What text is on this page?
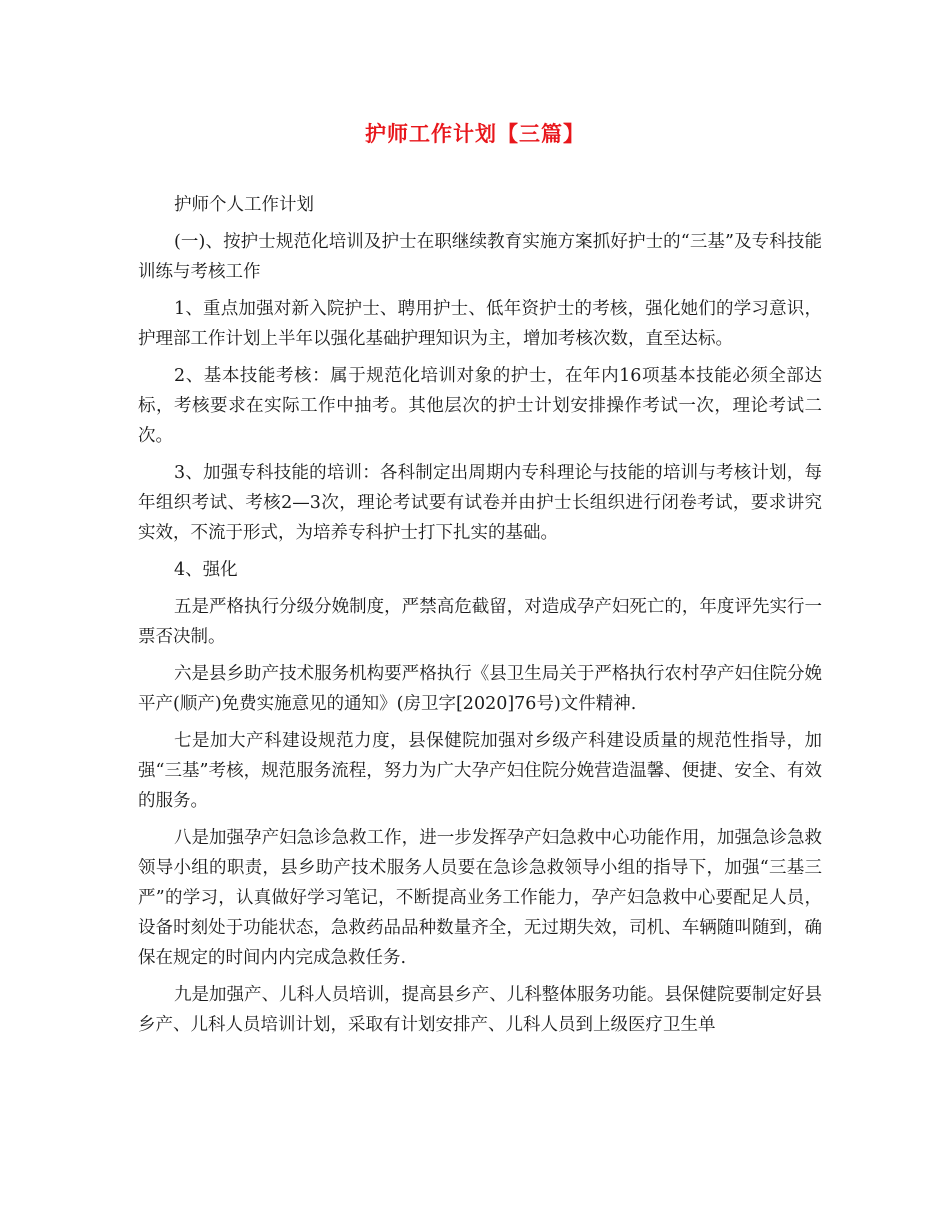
护师工作计划【三篇】

护师个人工作计划

(一)、按护士规范化培训及护士在职继续教育实施方案抓好护士的“三基”及专科技能训练与考核工作

1、重点加强对新入院护士、聘用护士、低年资护士的考核，强化她们的学习意识，护理部工作计划上半年以强化基础护理知识为主，增加考核次数，直至达标。

2、基本技能考核：属于规范化培训对象的护士，在年内16项基本技能必须全部达标，考核要求在实际工作中抽考。其他层次的护士计划安排操作考试一次，理论考试二次。

3、加强专科技能的培训：各科制定出周期内专科理论与技能的培训与考核计划，每年组织考试、考核2—3次，理论考试要有试卷并由护士长组织进行闭卷考试，要求讲究实效，不流于形式，为培养专科护士打下扎实的基础。

4、强化

五是严格执行分级分娩制度，严禁高危截留，对造成孕产妇死亡的，年度评先实行一票否决制。

六是县乡助产技术服务机构要严格执行《县卫生局关于严格执行农村孕产妇住院分娩平产(顺产)免费实施意见的通知》(房卫字[2020]76号)文件精神.

七是加大产科建设规范力度，县保健院加强对乡级产科建设质量的规范性指导，加强“三基”考核，规范服务流程，努力为广大孕产妇住院分娩营造温馨、便捷、安全、有效的服务。

八是加强孕产妇急诊急救工作，进一步发挥孕产妇急救中心功能作用，加强急诊急救领导小组的职责，县乡助产技术服务人员要在急诊急救领导小组的指导下，加强“三基三严”的学习，认真做好学习笔记，不断提高业务工作能力，孕产妇急救中心要配足人员，设备时刻处于功能状态，急救药品品种数量齐全，无过期失效，司机、车辆随叫随到，确保在规定的时间内内完成急救任务.

九是加强产、儿科人员培训，提高县乡产、儿科整体服务功能。县保健院要制定好县乡产、儿科人员培训计划，采取有计划安排产、儿科人员到上级医疗卫生单
